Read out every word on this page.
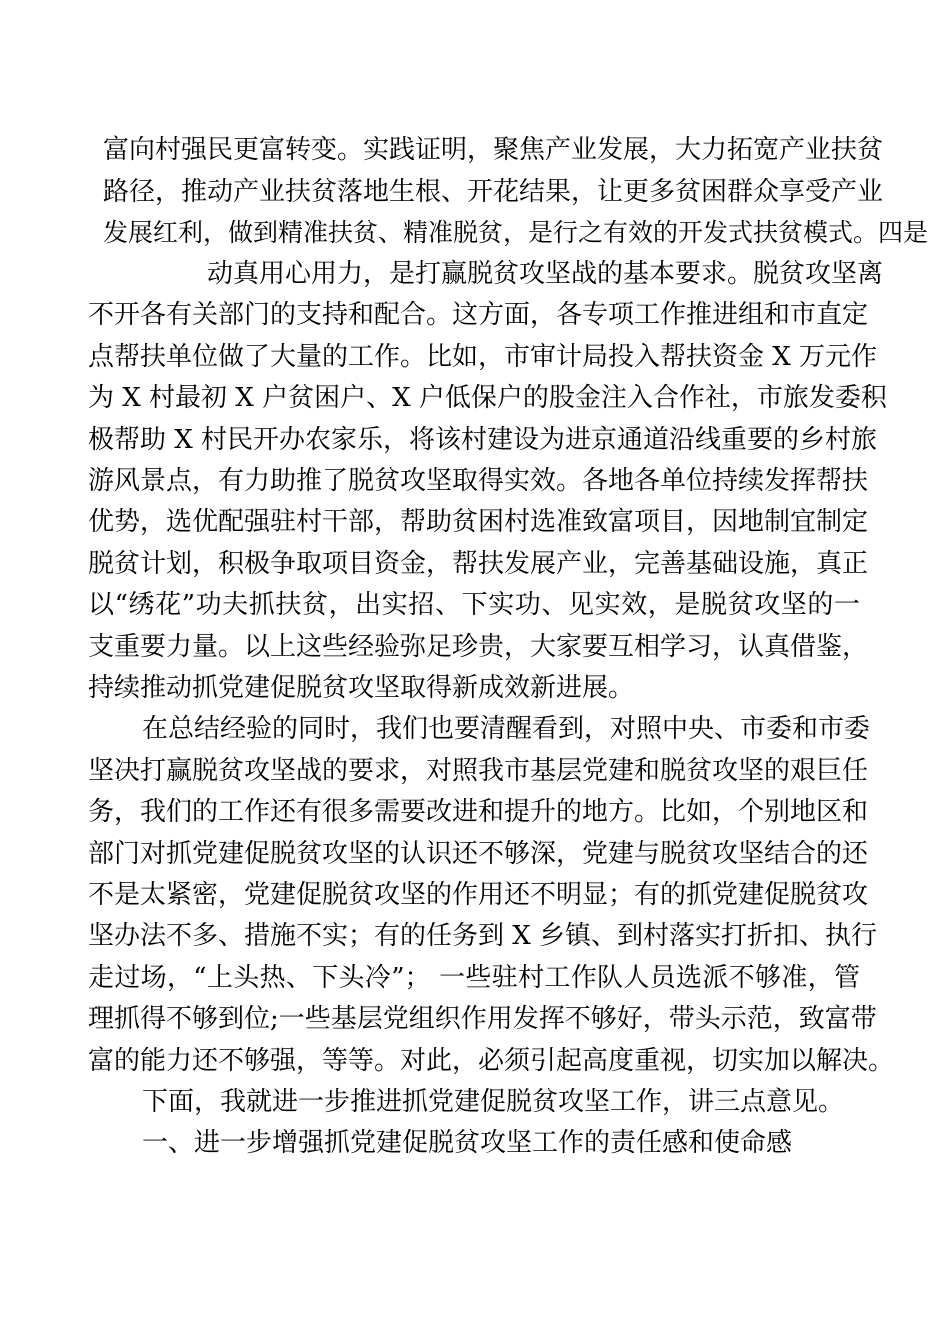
富向村强民更富转变。实践证明，聚焦产业发展，大力拓宽产业扶贫
路径，推动产业扶贫落地生根、开花结果，让更多贫困群众享受产业
发展红利，做到精准扶贫、精准脱贫，是行之有效的开发式扶贫模式。四是
动真用心用力，是打赢脱贫攻坚战的基本要求。脱贫攻坚离
不开各有关部门的支持和配合。这方面，各专项工作推进组和市直定
点帮扶单位做了大量的工作。比如，市审计局投入帮扶资金 X 万元作
为 X 村最初 X 户贫困户、X 户低保户的股金注入合作社，市旅发委积
极帮助 X 村民开办农家乐，将该村建设为进京通道沿线重要的乡村旅
游风景点，有力助推了脱贫攻坚取得实效。各地各单位持续发挥帮扶
优势，选优配强驻村干部，帮助贫困村选准致富项目，因地制宜制定
脱贫计划，积极争取项目资金，帮扶发展产业，完善基础设施，真正
以“绣花”功夫抓扶贫，出实招、下实功、见实效，是脱贫攻坚的一
支重要力量。以上这些经验弥足珍贵，大家要互相学习，认真借鉴，
持续推动抓党建促脱贫攻坚取得新成效新进展。
在总结经验的同时，我们也要清醒看到，对照中央、市委和市委
坚决打赢脱贫攻坚战的要求，对照我市基层党建和脱贫攻坚的艰巨任
务，我们的工作还有很多需要改进和提升的地方。比如，个别地区和
部门对抓党建促脱贫攻坚的认识还不够深，党建与脱贫攻坚结合的还
不是太紧密，党建促脱贫攻坚的作用还不明显；有的抓党建促脱贫攻
坚办法不多、措施不实；有的任务到 X 乡镇、到村落实打折扣、执行
走过场，“上头热、下头冷”； 一些驻村工作队人员选派不够准，管
理抓得不够到位;一些基层党组织作用发挥不够好，带头示范，致富带
富的能力还不够强，等等。对此，必须引起高度重视，切实加以解决。
下面，我就进一步推进抓党建促脱贫攻坚工作，讲三点意见。
一、进一步增强抓党建促脱贫攻坚工作的责任感和使命感
